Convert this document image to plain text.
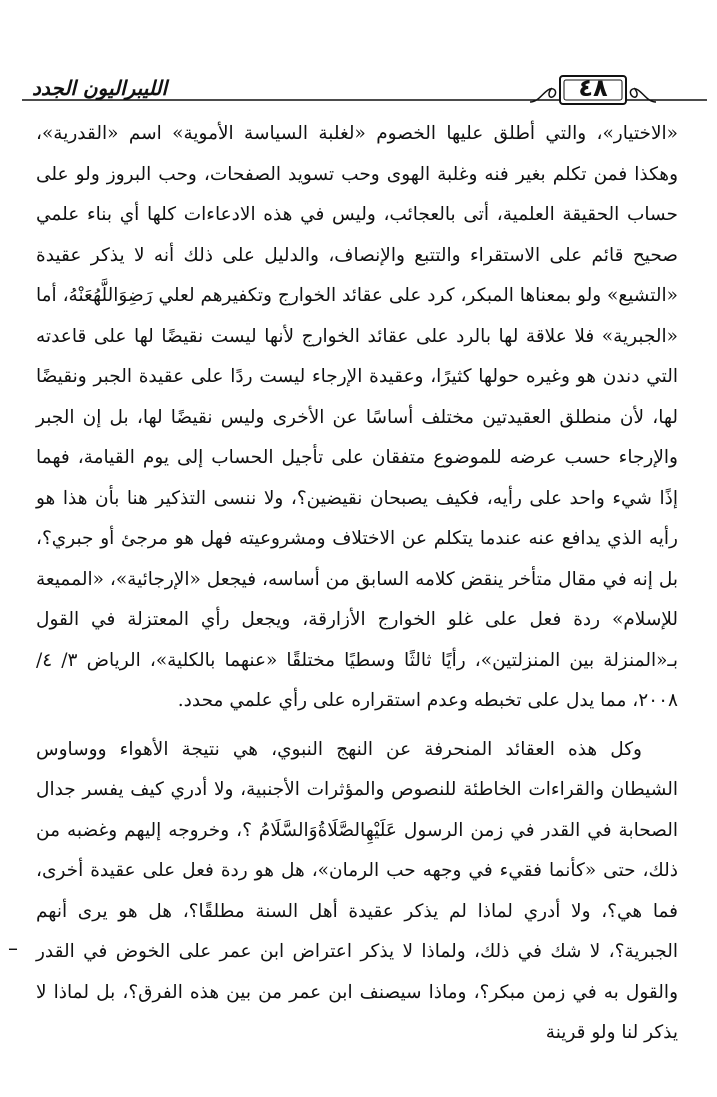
٤٨
الليبراليون الجدد

«الاختيار»، والتي أطلق عليها الخصوم «لغلبة السياسة الأموية» اسم «القدرية»، وهكذا فمن تكلم بغير فنه وغلبة الهوى وحب تسويد الصفحات، وحب البروز ولو على حساب الحقيقة العلمية، أتى بالعجائب، وليس في هذه الادعاءات كلها أي بناء علمي صحيح قائم على الاستقراء والتتبع والإنصاف، والدليل على ذلك أنه لا يذكر عقيدة «التشيع» ولو بمعناها المبكر، كرد على عقائد الخوارج وتكفيرهم لعلي رَضِوَاللَّهُعَنْهُ، أما «الجبرية» فلا علاقة لها بالرد على عقائد الخوارج لأنها ليست نقيضًا لها على قاعدته التي دندن هو وغيره حولها كثيرًا، وعقيدة الإرجاء ليست ردًا على عقيدة الجبر ونقيضًا لها، لأن منطلق العقيدتين مختلف أساسًا عن الأخرى وليس نقيضًا لها، بل إن الجبر والإرجاء حسب عرضه للموضوع متفقان على تأجيل الحساب إلى يوم القيامة، فهما إذًا شيء واحد على رأيه، فكيف يصبحان نقيضين؟، ولا ننسى التذكير هنا بأن هذا هو رأيه الذي يدافع عنه عندما يتكلم عن الاختلاف ومشروعيته فهل هو مرجئ أو جبري؟، بل إنه في مقال متأخر ينقض كلامه السابق من أساسه، فيجعل «الإرجائية»، «المميعة للإسلام» ردة فعل على غلو الخوارج الأزارقة، ويجعل رأي المعتزلة في القول بـ«المنزلة بين المنزلتين»، رأيًا ثالثًا وسطيًا مختلقًا «عنهما بالكلية»، الرياض ٣/ ٤/ ٢٠٠٨، مما يدل على تخبطه وعدم استقراره على رأي علمي محدد.

وكل هذه العقائد المنحرفة عن النهج النبوي، هي نتيجة الأهواء ووساوس الشيطان والقراءات الخاطئة للنصوص والمؤثرات الأجنبية، ولا أدري كيف يفسر جدال الصحابة في القدر في زمن الرسول عَلَيْهِالصَّلَاةُوَالسَّلَامُ ؟، وخروجه إليهم وغضبه من ذلك، حتى «كأنما فقيء في وجهه حب الرمان»، هل هو ردة فعل على عقيدة أخرى، فما هي؟، ولا أدري لماذا لم يذكر عقيدة أهل السنة مطلقًا؟، هل هو يرى أنهم الجبرية؟، لا شك في ذلك، ولماذا لا يذكر اعتراض ابن عمر على الخوض في القدر والقول به في زمن مبكر؟، وماذا سيصنف ابن عمر من بين هذه الفرق؟، بل لماذا لا يذكر لنا ولو قرينة

–
